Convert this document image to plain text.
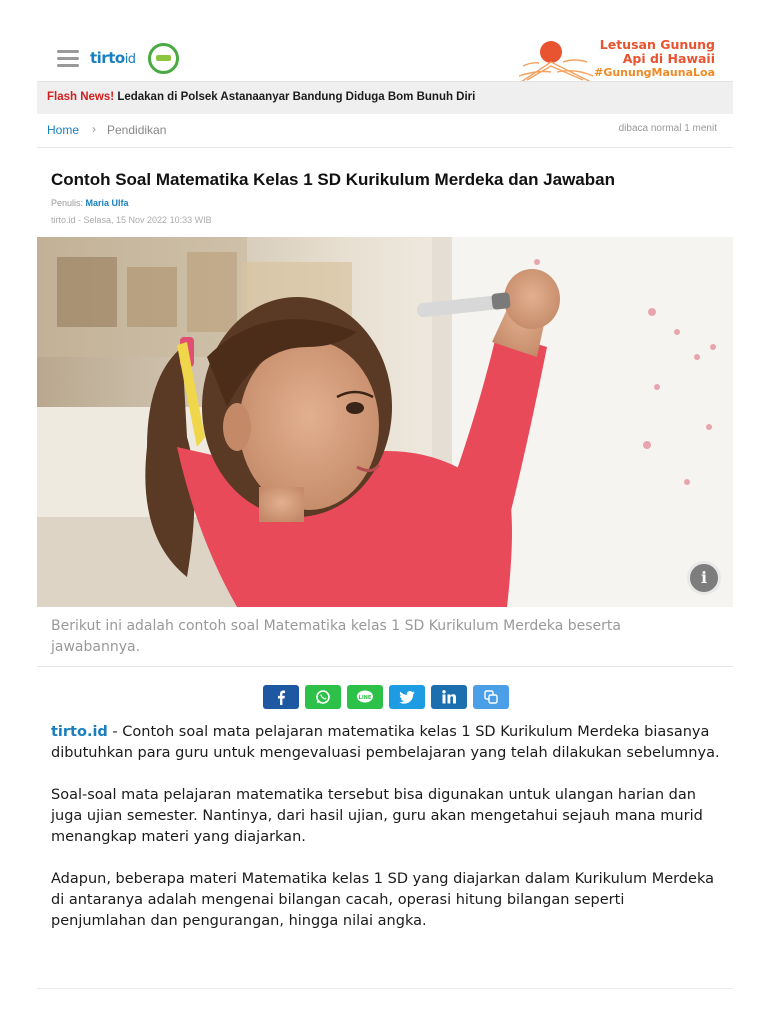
tirtoid
Letusan Gunung
Api di Hawaii
#GunungMaunaLoa
Flash News! Ledakan di Polsek Astanaanyar Bandung Diduga Bom Bunuh Diri
Home › Pendidikan	dibaca normal 1 menit
Contoh Soal Matematika Kelas 1 SD Kurikulum Merdeka dan Jawaban
Penulis: Maria Ulfa
tirto.id - Selasa, 15 Nov 2022 10:33 WIB
i
Berikut ini adalah contoh soal Matematika kelas 1 SD Kurikulum Merdeka beserta jawabannya.
LINE

tirto.id - Contoh soal mata pelajaran matematika kelas 1 SD Kurikulum Merdeka biasanya dibutuhkan para guru untuk mengevaluasi pembelajaran yang telah dilakukan sebelumnya.

Soal-soal mata pelajaran matematika tersebut bisa digunakan untuk ulangan harian dan juga ujian semester. Nantinya, dari hasil ujian, guru akan mengetahui sejauh mana murid menangkap materi yang diajarkan.

Adapun, beberapa materi Matematika kelas 1 SD yang diajarkan dalam Kurikulum Merdeka di antaranya adalah mengenai bilangan cacah, operasi hitung bilangan seperti penjumlahan dan pengurangan, hingga nilai angka.
